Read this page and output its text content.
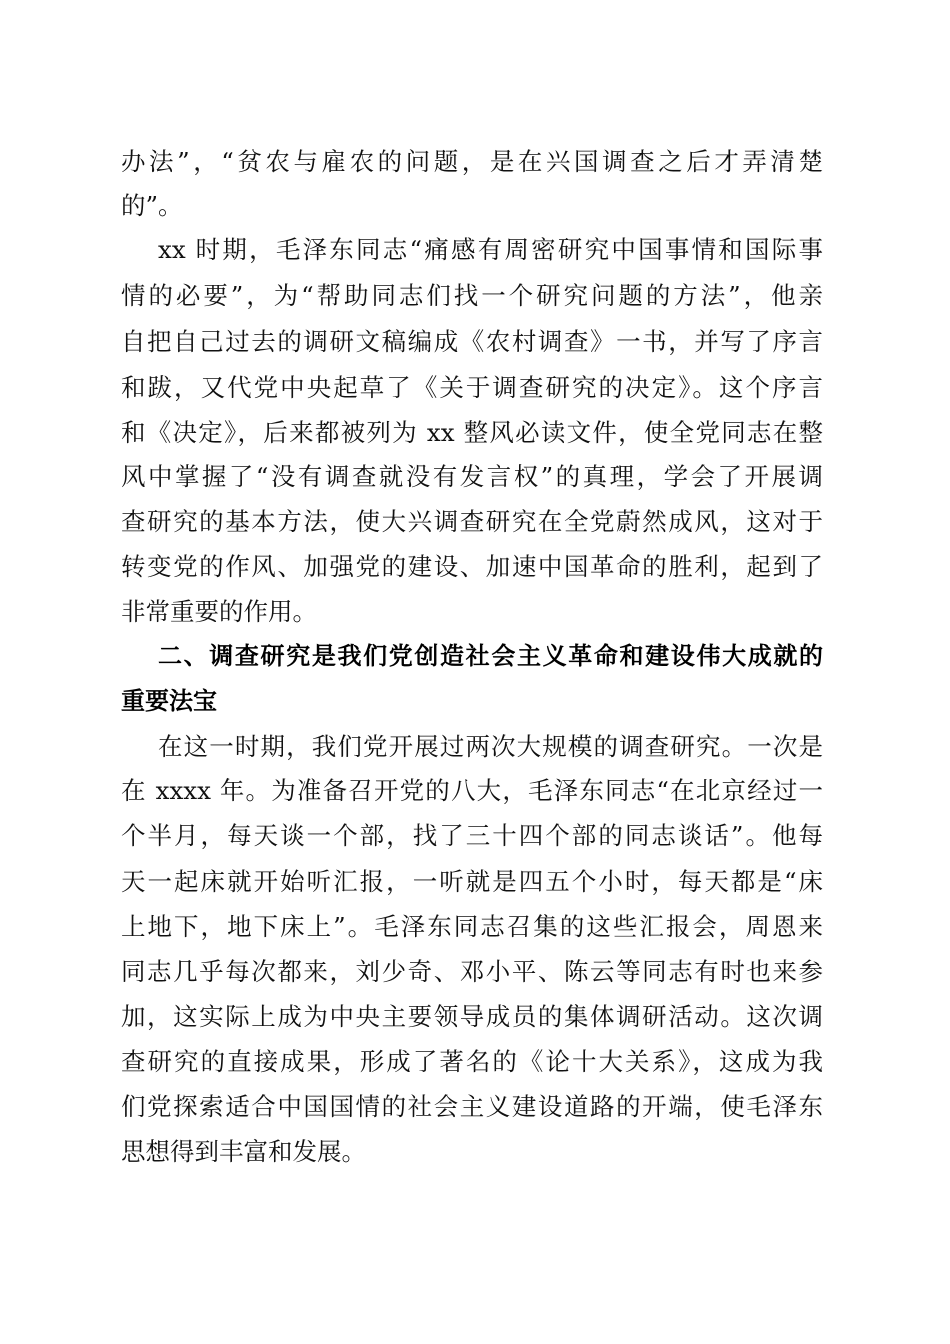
办法”，“贫农与雇农的问题，是在兴国调查之后才弄清楚
的”。
xx 时期，毛泽东同志“痛感有周密研究中国事情和国际事
情的必要”，为“帮助同志们找一个研究问题的方法”，他亲
自把自己过去的调研文稿编成《农村调查》一书，并写了序言
和跋，又代党中央起草了《关于调查研究的决定》。这个序言
和《决定》，后来都被列为 xx 整风必读文件，使全党同志在整
风中掌握了“没有调查就没有发言权”的真理，学会了开展调
查研究的基本方法，使大兴调查研究在全党蔚然成风，这对于
转变党的作风、加强党的建设、加速中国革命的胜利，起到了
非常重要的作用。
二、调查研究是我们党创造社会主义革命和建设伟大成就的
重要法宝
在这一时期，我们党开展过两次大规模的调查研究。一次是
在 xxxx 年。为准备召开党的八大，毛泽东同志“在北京经过一
个半月，每天谈一个部，找了三十四个部的同志谈话”。他每
天一起床就开始听汇报，一听就是四五个小时，每天都是“床
上地下，地下床上”。毛泽东同志召集的这些汇报会，周恩来
同志几乎每次都来，刘少奇、邓小平、陈云等同志有时也来参
加，这实际上成为中央主要领导成员的集体调研活动。这次调
查研究的直接成果，形成了著名的《论十大关系》，这成为我
们党探索适合中国国情的社会主义建设道路的开端，使毛泽东
思想得到丰富和发展。
